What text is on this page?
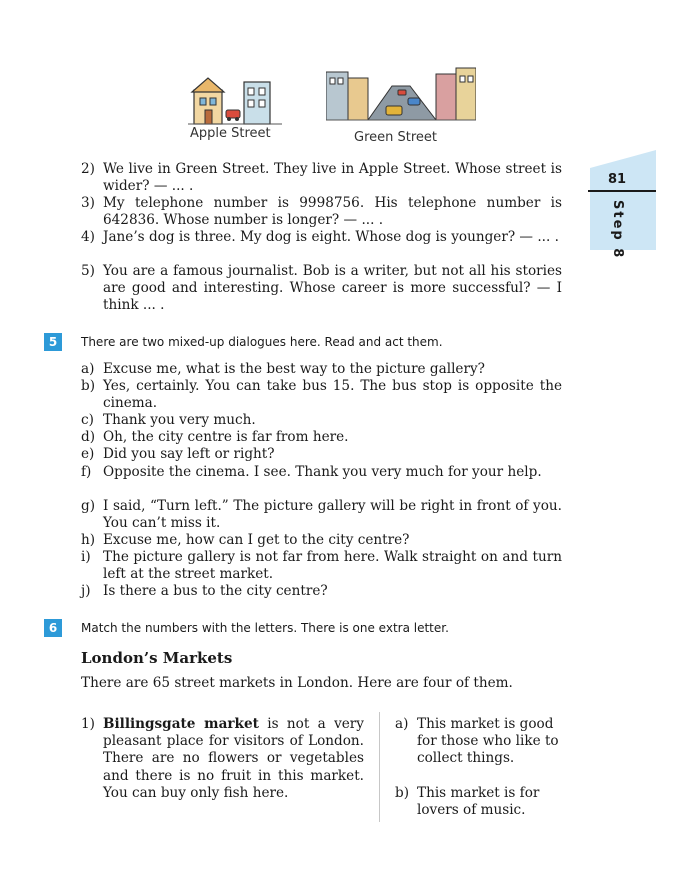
Apple Street	Green Street
81
Step 8
2) We live in Green Street. They live in Apple Street. Whose street is wider? — ... .
3) My telephone number is 9998756. His telephone number is 642836. Whose number is longer? — ... .
4) Jane’s dog is three. My dog is eight. Whose dog is younger? — ... .
5) You are a famous journalist. Bob is a writer, but not all his stories are good and interesting. Whose career is more successful? — I think ... .
5	There are two mixed-up dialogues here. Read and act them.
a) Excuse me, what is the best way to the picture gallery?
b) Yes, certainly. You can take bus 15. The bus stop is opposite the cinema.
c) Thank you very much.
d) Oh, the city centre is far from here.
e) Did you say left or right?
f) Opposite the cinema. I see. Thank you very much for your help.
g) I said, “Turn left.” The picture gallery will be right in front of you. You can’t miss it.
h) Excuse me, how can I get to the city centre?
i) The picture gallery is not far from here. Walk straight on and turn left at the street market.
j) Is there a bus to the city centre?
6	Match the numbers with the letters. There is one extra letter.
London’s Markets
There are 65 street markets in London. Here are four of them.
1) Billingsgate market is not a very pleasant place for visitors of London. There are no flowers or vegetables and there is no fruit in this market. You can buy only fish here.
a) This market is good for those who like to collect things.
b) This market is for lovers of music.
